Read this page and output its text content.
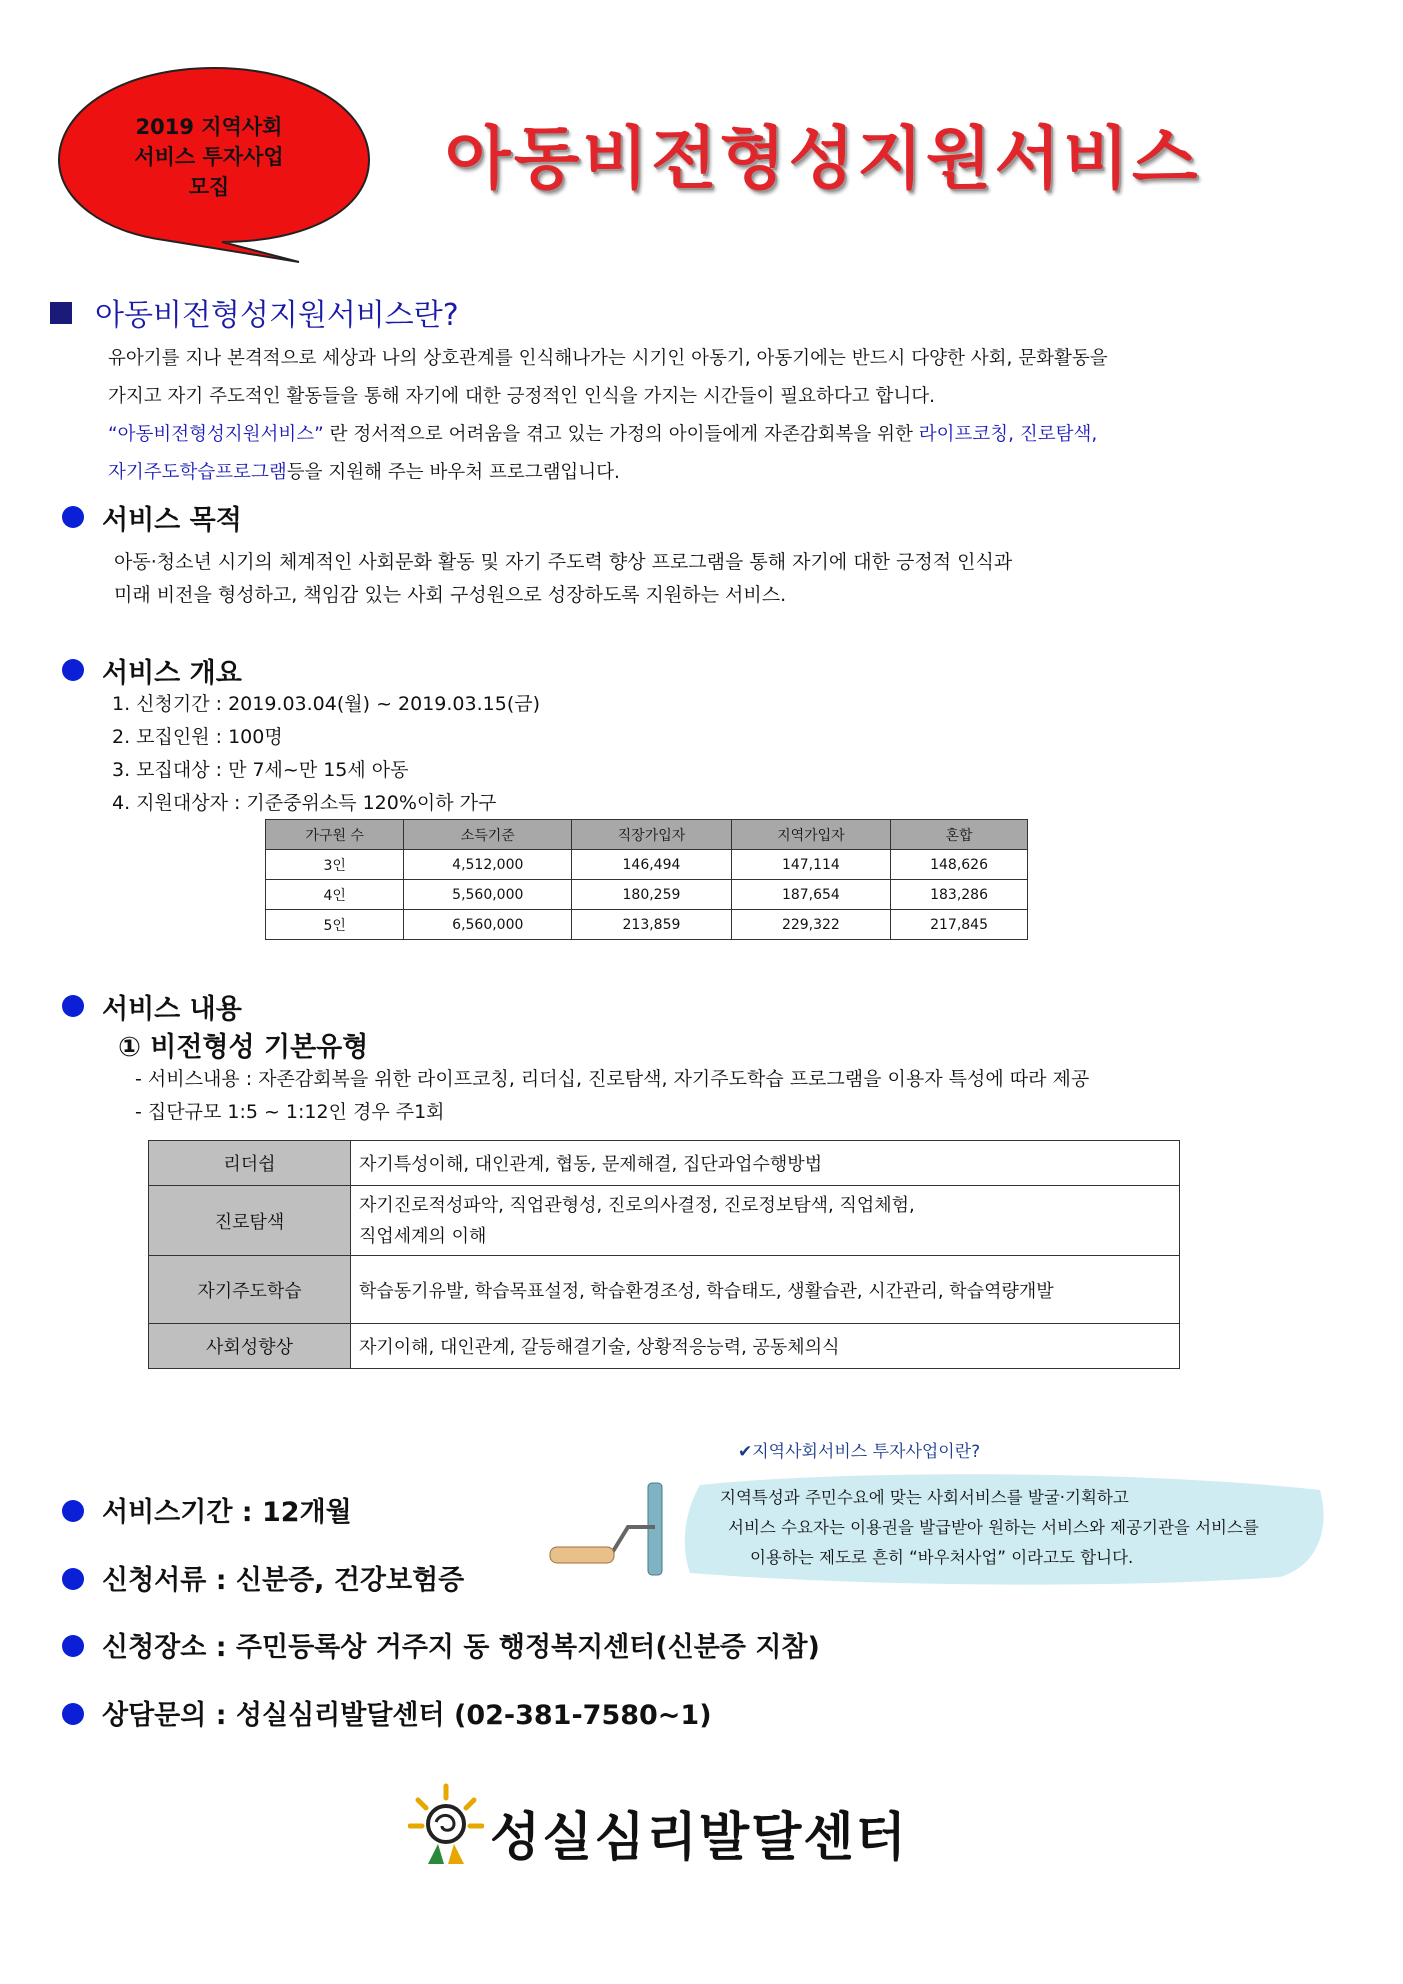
2019 지역사회
서비스 투자사업
모집	아동비전형성지원서비스
아동비전형성지원서비스란?
유아기를 지나 본격적으로 세상과 나의 상호관계를 인식해나가는 시기인 아동기, 아동기에는 반드시 다양한 사회, 문화활동을
가지고 자기 주도적인 활동들을 통해 자기에 대한 긍정적인 인식을 가지는 시간들이 필요하다고 합니다.
“아동비전형성지원서비스” 란 정서적으로 어려움을 겪고 있는 가정의 아이들에게 자존감회복을 위한 라이프코칭, 진로탐색,
자기주도학습프로그램등을 지원해 주는 바우처 프로그램입니다.
서비스 목적
아동·청소년 시기의 체계적인 사회문화 활동 및 자기 주도력 향상 프로그램을 통해 자기에 대한 긍정적 인식과
미래 비전을 형성하고, 책임감 있는 사회 구성원으로 성장하도록 지원하는 서비스.
서비스 개요
1. 신청기간 : 2019.03.04(월) ~ 2019.03.15(금)
2. 모집인원 : 100명
3. 모집대상 : 만 7세~만 15세 아동
4. 지원대상자 : 기준중위소득 120%이하 가구
가구원 수	소득기준	직장가입자	지역가입자	혼합
3인	4,512,000	146,494	147,114	148,626
4인	5,560,000	180,259	187,654	183,286
5인	6,560,000	213,859	229,322	217,845
서비스 내용
① 비전형성 기본유형
- 서비스내용 : 자존감회복을 위한 라이프코칭, 리더십, 진로탐색, 자기주도학습 프로그램을 이용자 특성에 따라 제공
- 집단규모 1:5 ~ 1:12인 경우 주1회
리더쉽	자기특성이해, 대인관계, 협동, 문제해결, 집단과업수행방법

진로탐색	자기진로적성파악, 직업관형성, 진로의사결정, 진로정보탐색, 직업체험,
직업세계의 이해

자기주도학습	학습동기유발, 학습목표설정, 학습환경조성, 학습태도, 생활습관, 시간관리, 학습역량개발

사회성향상	자기이해, 대인관계, 갈등해결기술, 상황적응능력, 공동체의식
✔지역사회서비스 투자사업이란?
지역특성과 주민수요에 맞는 사회서비스를 발굴·기획하고
서비스 수요자는 이용권을 발급받아 원하는 서비스와 제공기관을 서비스를
이용하는 제도로 흔히 “바우처사업” 이라고도 합니다.
서비스기간 : 12개월
신청서류 : 신분증, 건강보험증
신청장소 : 주민등록상 거주지 동 행정복지센터(신분증 지참)
상담문의 : 성실심리발달센터 (02-381-7580~1)
성실심리발달센터
